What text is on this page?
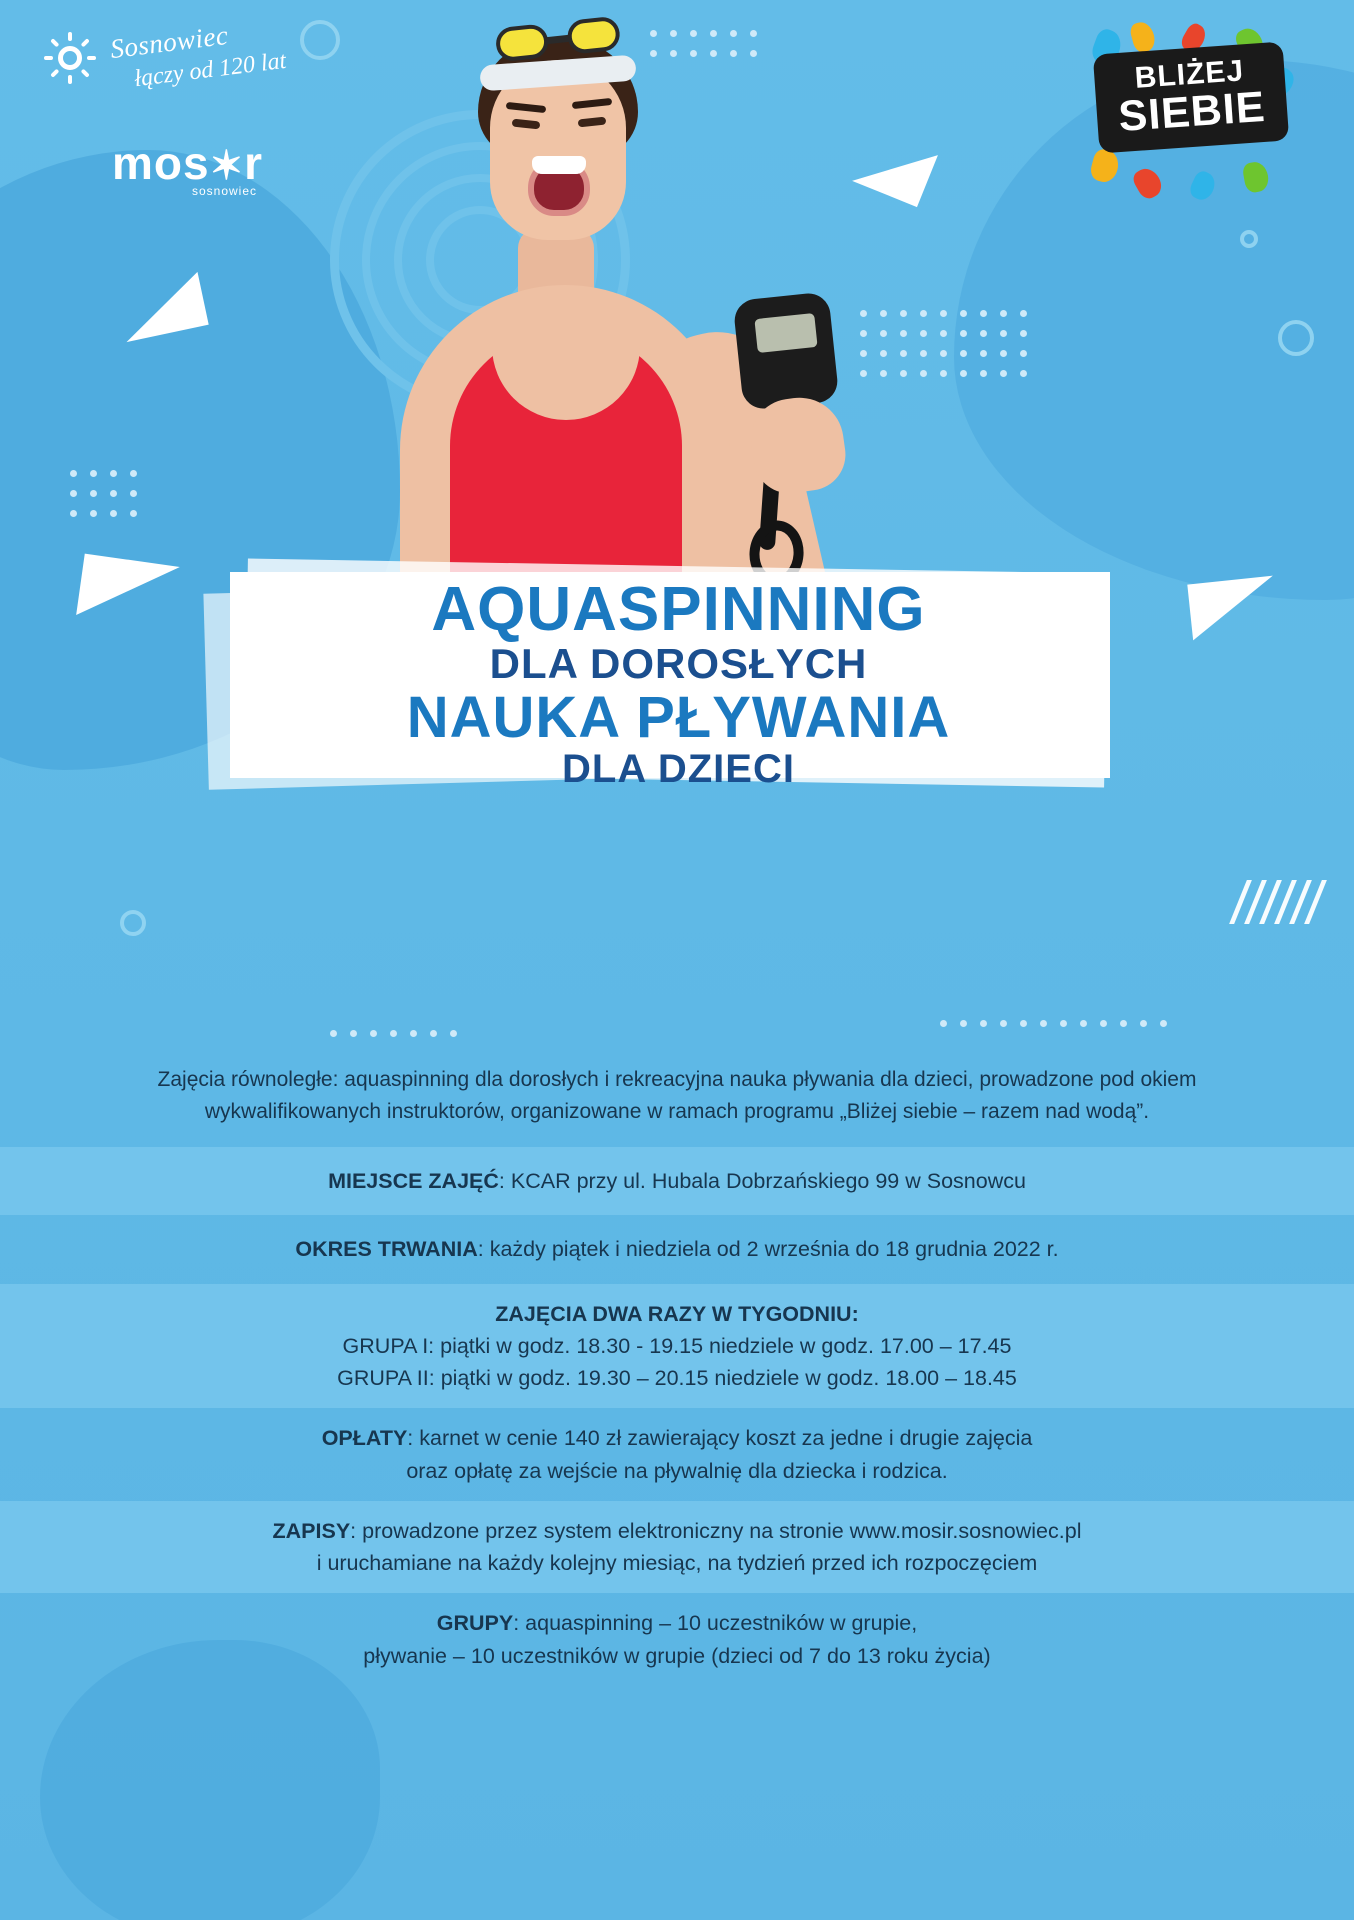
Sosnowiec
łączy od 120 lat
mos✶r
sosnowiec
BLIŻEJ
SIEBIE
AQUASPINNING
DLA DOROSŁYCH
NAUKA PŁYWANIA
DLA DZIECI
Zajęcia równoległe: aquaspinning dla dorosłych i rekreacyjna nauka pływania dla dzieci, prowadzone pod okiem
wykwalifikowanych instruktorów, organizowane w ramach programu „Bliżej siebie – razem nad wodą”.
MIEJSCE ZAJĘĆ: KCAR przy ul. Hubala Dobrzańskiego 99 w Sosnowcu
OKRES TRWANIA: każdy piątek i niedziela od 2 września do 18 grudnia 2022 r.
ZAJĘCIA DWA RAZY W TYGODNIU:
GRUPA I: piątki w godz. 18.30 - 19.15 niedziele w godz. 17.00 – 17.45
GRUPA II: piątki w godz. 19.30 – 20.15 niedziele w godz. 18.00 – 18.45
OPŁATY: karnet w cenie 140 zł zawierający koszt za jedne i drugie zajęcia
oraz opłatę za wejście na pływalnię dla dziecka i rodzica.
ZAPISY: prowadzone przez system elektroniczny na stronie www.mosir.sosnowiec.pl
i uruchamiane na każdy kolejny miesiąc, na tydzień przed ich rozpoczęciem
GRUPY: aquaspinning – 10 uczestników w grupie,
pływanie – 10 uczestników w grupie (dzieci od 7 do 13 roku życia)
